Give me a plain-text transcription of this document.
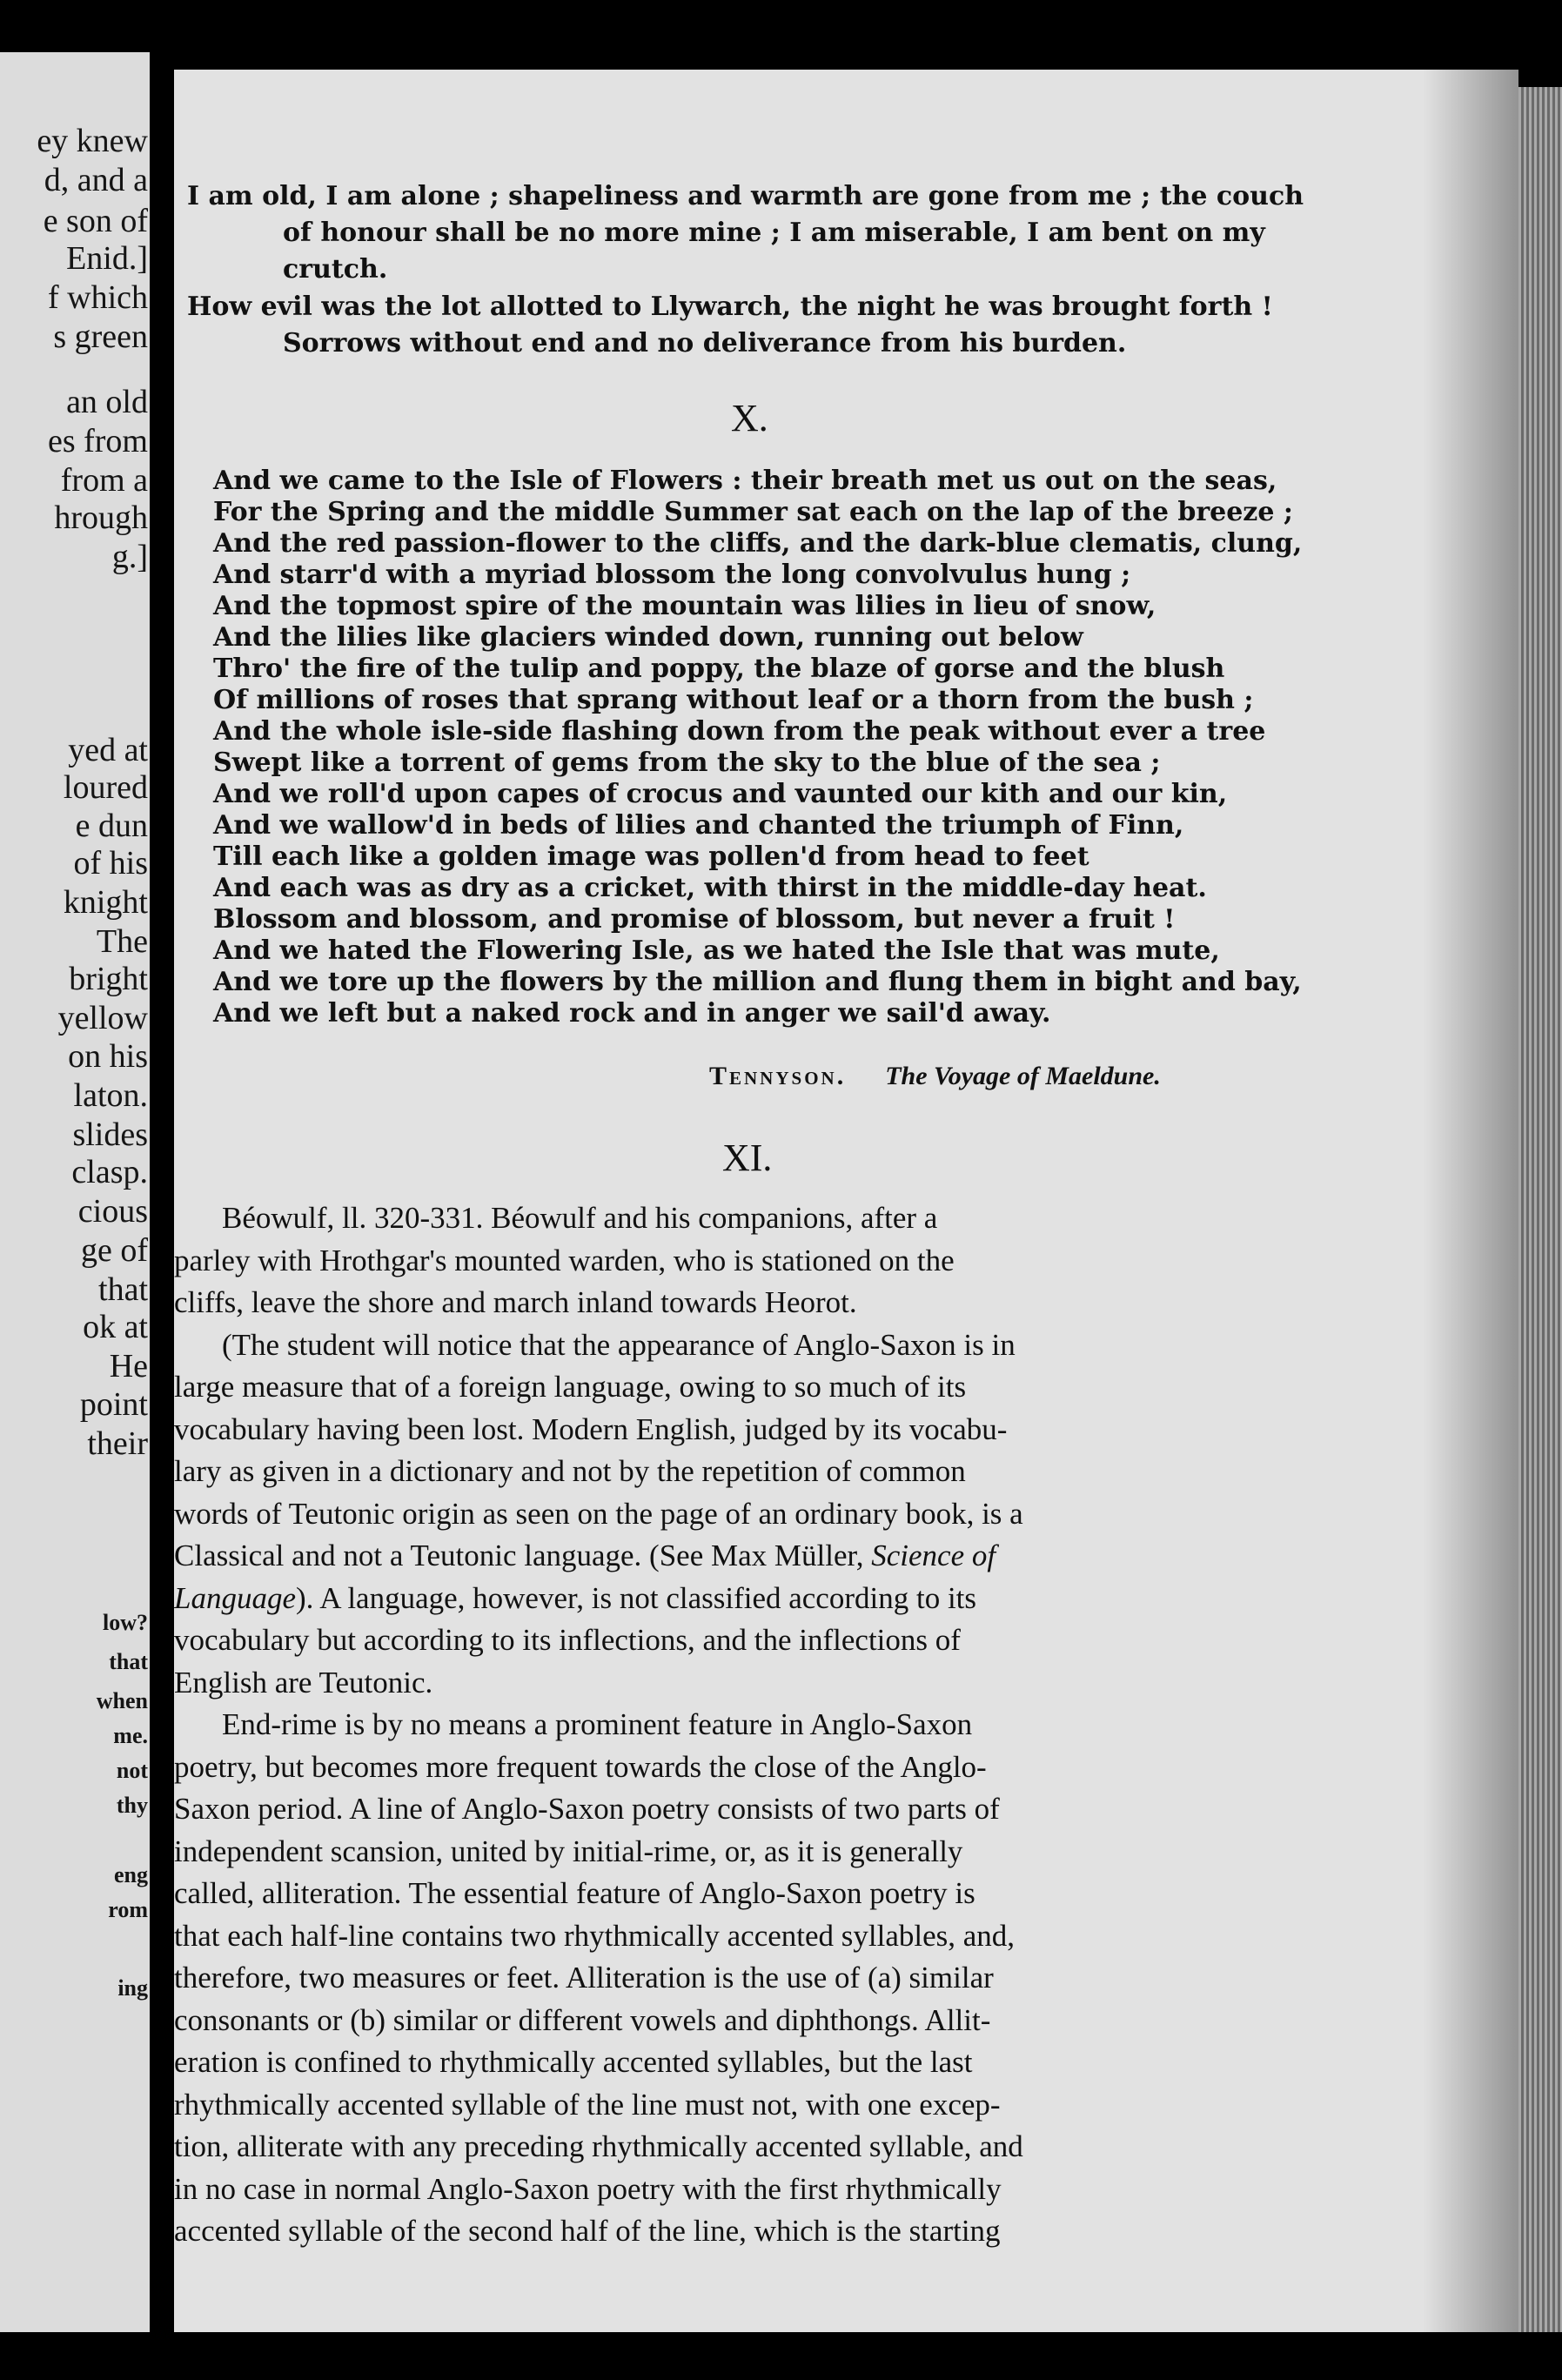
ey knew
d, and a
e son of
Enid.]
f which
s green
an old
es from
from a
hrough
g.]
yed at
loured
e dun
of his
knight
The
bright
yellow
on his
laton.
slides
clasp.
cious
ge of
that
ok at
He
point
their
low?
that
when
me.
not
thy
eng
rom
ing
I am old, I am alone ; shapeliness and warmth are gone from me ; the couch
of honour shall be no more mine ; I am miserable, I am bent on my
crutch.
How evil was the lot allotted to Llywarch, the night he was brought forth !
Sorrows without end and no deliverance from his burden.
X.
And we came to the Isle of Flowers : their breath met us out on the seas,
For the Spring and the middle Summer sat each on the lap of the breeze ;
And the red passion-flower to the cliffs, and the dark-blue clematis, clung,
And starr'd with a myriad blossom the long convolvulus hung ;
And the topmost spire of the mountain was lilies in lieu of snow,
And the lilies like glaciers winded down, running out below
Thro' the fire of the tulip and poppy, the blaze of gorse and the blush
Of millions of roses that sprang without leaf or a thorn from the bush ;
And the whole isle-side flashing down from the peak without ever a tree
Swept like a torrent of gems from the sky to the blue of the sea ;
And we roll'd upon capes of crocus and vaunted our kith and our kin,
And we wallow'd in beds of lilies and chanted the triumph of Finn,
Till each like a golden image was pollen'd from head to feet
And each was as dry as a cricket, with thirst in the middle-day heat.
Blossom and blossom, and promise of blossom, but never a fruit !
And we hated the Flowering Isle, as we hated the Isle that was mute,
And we tore up the flowers by the million and flung them in bight and bay,
And we left but a naked rock and in anger we sail'd away.
Tennyson. The Voyage of Maeldune.
XI.
Béowulf, ll. 320-331. Béowulf and his companions, after a
parley with Hrothgar's mounted warden, who is stationed on the
cliffs, leave the shore and march inland towards Heorot.
(The student will notice that the appearance of Anglo-Saxon is in
large measure that of a foreign language, owing to so much of its
vocabulary having been lost. Modern English, judged by its vocabu-
lary as given in a dictionary and not by the repetition of common
words of Teutonic origin as seen on the page of an ordinary book, is a
Classical and not a Teutonic language. (See Max Müller, Science of
Language). A language, however, is not classified according to its
vocabulary but according to its inflections, and the inflections of
English are Teutonic.
End-rime is by no means a prominent feature in Anglo-Saxon
poetry, but becomes more frequent towards the close of the Anglo-
Saxon period. A line of Anglo-Saxon poetry consists of two parts of
independent scansion, united by initial-rime, or, as it is generally
called, alliteration. The essential feature of Anglo-Saxon poetry is
that each half-line contains two rhythmically accented syllables, and,
therefore, two measures or feet. Alliteration is the use of (a) similar
consonants or (b) similar or different vowels and diphthongs. Allit-
eration is confined to rhythmically accented syllables, but the last
rhythmically accented syllable of the line must not, with one excep-
tion, alliterate with any preceding rhythmically accented syllable, and
in no case in normal Anglo-Saxon poetry with the first rhythmically
accented syllable of the second half of the line, which is the starting
